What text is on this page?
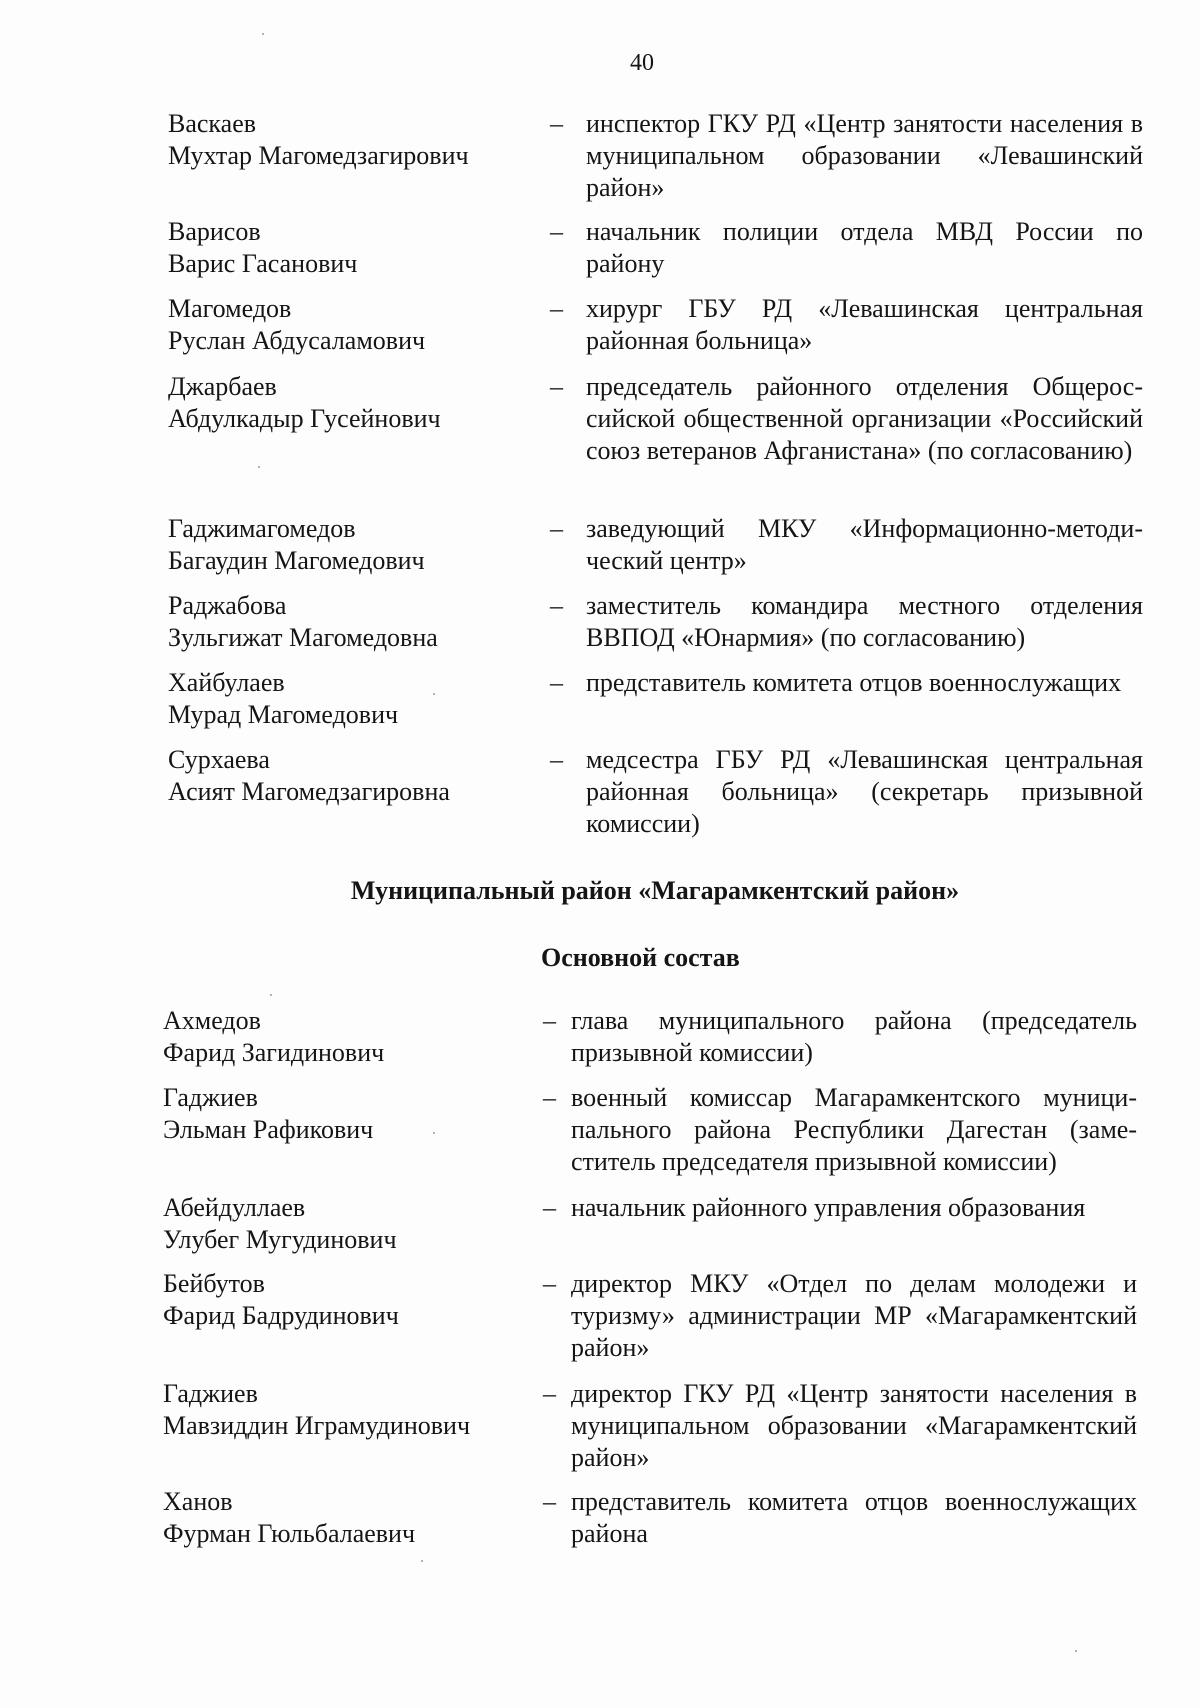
40
Васкаев
Мухтар Магомедзагирович
– инспектор ГКУ РД «Центр занятости населения в муниципальном образовании «Левашинский район»
Варисов
Варис Гасанович
– начальник полиции отдела МВД России по району
Магомедов
Руслан Абдусаламович
– хирург ГБУ РД «Левашинская центральная районная больница»
Джарбаев
Абдулкадыр Гусейнович
– председатель районного отделения Общероссийской общественной организации «Российский союз ветеранов Афганистана» (по согласованию)
Гаджимагомедов
Багаудин Магомедович
– заведующий МКУ «Информационно-методический центр»
Раджабова
Зульгижат Магомедовна
– заместитель командира местного отделения ВВПОД «Юнармия» (по согласованию)
Хайбулаев
Мурад Магомедович
– представитель комитета отцов военнослужащих
Сурхаева
Асият Магомедзагировна
– медсестра ГБУ РД «Левашинская центральная районная больница» (секретарь призывной комиссии)
Муниципальный район «Магарамкентский район»
Основной состав
Ахмедов
Фарид Загидинович
– глава муниципального района (председатель призывной комиссии)
Гаджиев
Эльман Рафикович
– военный комиссар Магарамкентского муниципального района Республики Дагестан (заместитель председателя призывной комиссии)
Абейдуллаев
Улубег Мугудинович
– начальник районного управления образования
Бейбутов
Фарид Бадрудинович
– директор МКУ «Отдел по делам молодежи и туризму» администрации МР «Магарамкентский район»
Гаджиев
Мавзиддин Играмудинович
– директор ГКУ РД «Центр занятости населения в муниципальном образовании «Магарамкентский район»
Ханов
Фурман Гюльбалаевич
– представитель комитета отцов военнослужащих района
